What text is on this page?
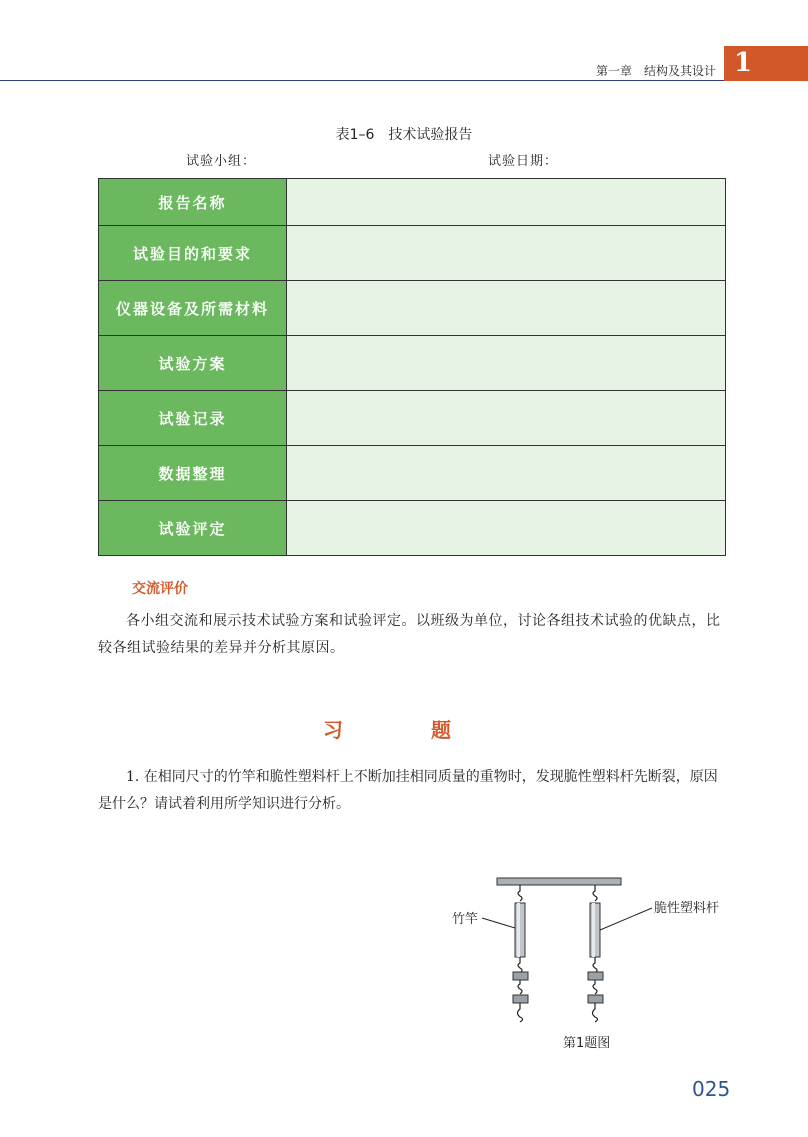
第一章　结构及其设计 1
表1–6　技术试验报告
试验小组：	试验日期：
报告名称	
试验目的和要求	
仪器设备及所需材料	
试验方案	
试验记录	
数据整理	
试验评定	
交流评价
各小组交流和展示技术试验方案和试验评定。以班级为单位，讨论各组技术试验的优缺点，比较各组试验结果的差异并分析其原因。
习　题
1. 在相同尺寸的竹竿和脆性塑料杆上不断加挂相同质量的重物时，发现脆性塑料杆先断裂，原因是什么？请试着利用所学知识进行分析。
竹竿
脆性塑料杆
第1题图
025
